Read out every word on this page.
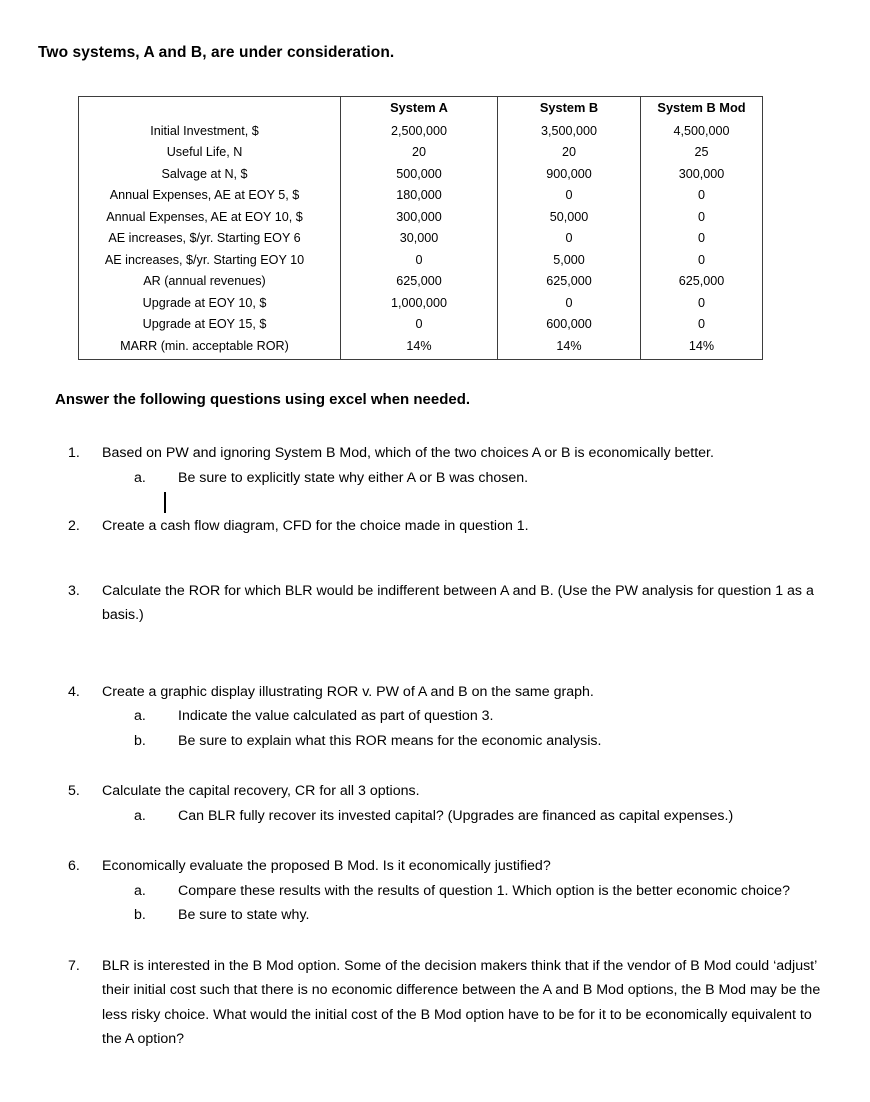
Two systems, A and B, are under consideration.
	System A	System B	System B Mod
Initial Investment, $	2,500,000	3,500,000	4,500,000
Useful Life, N	20	20	25
Salvage at N, $	500,000	900,000	300,000
Annual Expenses, AE at EOY 5, $	180,000	0	0
Annual Expenses, AE at EOY 10, $	300,000	50,000	0
AE increases, $/yr. Starting EOY 6	30,000	0	0
AE increases, $/yr. Starting EOY 10	0	5,000	0
AR (annual revenues)	625,000	625,000	625,000
Upgrade at EOY 10, $	1,000,000	0	0
Upgrade at EOY 15, $	0	600,000	0
MARR (min. acceptable ROR)	14%	14%	14%
Answer the following questions using excel when needed.
1.	Based on PW and ignoring System B Mod, which of the two choices A or B is economically better.
a.	Be sure to explicitly state why either A or B was chosen.
2.	Create a cash flow diagram, CFD for the choice made in question 1.
3.	Calculate the ROR for which BLR would be indifferent between A and B. (Use the PW analysis for question 1 as a basis.)
4.	Create a graphic display illustrating ROR v. PW of A and B on the same graph.
a.	Indicate the value calculated as part of question 3.
b.	Be sure to explain what this ROR means for the economic analysis.
5.	Calculate the capital recovery, CR for all 3 options.
a.	Can BLR fully recover its invested capital? (Upgrades are financed as capital expenses.)
6.	Economically evaluate the proposed B Mod. Is it economically justified?
a.	Compare these results with the results of question 1. Which option is the better economic choice?
b.	Be sure to state why.
7.	BLR is interested in the B Mod option. Some of the decision makers think that if the vendor of B Mod could ‘adjust’ their initial cost such that there is no economic difference between the A and B Mod options, the B Mod may be the less risky choice. What would the initial cost of the B Mod option have to be for it to be economically equivalent to the A option?
